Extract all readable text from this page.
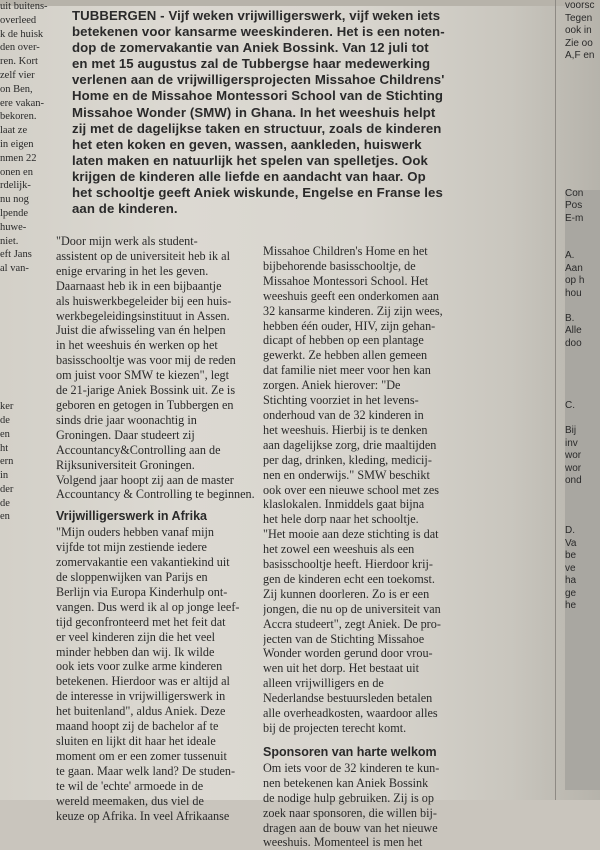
uit buitens-
overleed
k de huisk
den over-
ren. Kort
zelf vier
on Ben,
ere vakan-
bekoren.
laat ze
in eigen
nmen 22
onen en
rdelijk-
nu nog
lpende
huwe-
niet.
eft Jans
al van-

ker
de
en
ht
ern
in
der
de
en
voorsc
Tegen
ook in
Zie oo
A,F en

Con
Pos
E-m

A.
Aan
op h
hou

B.
Alle
doo

C.

Bij
inv
wor
wor
ond

D.
Va
be
ve
ha
ge
he
TUBBERGEN - Vijf weken vrijwilligerswerk, vijf weken iets
betekenen voor kansarme weeskinderen. Het is een noten-
dop de zomervakantie van Aniek Bossink. Van 12 juli tot
en met 15 augustus zal de Tubbergse haar medewerking
verlenen aan de vrijwilligersprojecten Missahoe Childrens'
Home en de Missahoe Montessori School van de Stichting
Missahoe Wonder (SMW) in Ghana. In het weeshuis helpt
zij met de dagelijkse taken en structuur, zoals de kinderen
het eten koken en geven, wassen, aankleden, huiswerk
laten maken en natuurlijk het spelen van spelletjes. Ook
krijgen de kinderen alle liefde en aandacht van haar. Op
het schooltje geeft Aniek wiskunde, Engelse en Franse les
aan de kinderen.
"Door mijn werk als student-
assistent op de universiteit heb ik al
enige ervaring in het les geven.
Daarnaast heb ik in een bijbaantje
als huiswerkbegeleider bij een huis-
werkbegeleidingsinstituut in Assen.
Juist die afwisseling van én helpen
in het weeshuis én werken op het
basisschooltje was voor mij de reden
om juist voor SMW te kiezen", legt
de 21-jarige Aniek Bossink uit. Ze is
geboren en getogen in Tubbergen en
sinds drie jaar woonachtig in
Groningen. Daar studeert zij
Accountancy&Controlling aan de
Rijksuniversiteit Groningen.
Volgend jaar hoopt zij aan de master
Accountancy & Controlling te beginnen.
Vrijwilligerswerk in Afrika
"Mijn ouders hebben vanaf mijn
vijfde tot mijn zestiende iedere
zomervakantie een vakantiekind uit
de sloppenwijken van Parijs en
Berlijn via Europa Kinderhulp ont-
vangen. Dus werd ik al op jonge leef-
tijd geconfronteerd met het feit dat
er veel kinderen zijn die het veel
minder hebben dan wij. Ik wilde
ook iets voor zulke arme kinderen
betekenen. Hierdoor was er altijd al
de interesse in vrijwilligerswerk in
het buitenland", aldus Aniek. Deze
maand hoopt zij de bachelor af te
sluiten en lijkt dit haar het ideale
moment om er een zomer tussenuit
te gaan. Maar welk land? De studen-
te wil de 'echte' armoede in de
wereld meemaken, dus viel de
keuze op Afrika. In veel Afrikaanse
Missahoe Children's Home en het
bijbehorende basisschooltje, de
Missahoe Montessori School. Het
weeshuis geeft een onderkomen aan
32 kansarme kinderen. Zij zijn wees,
hebben één ouder, HIV, zijn gehan-
dicapt of hebben op een plantage
gewerkt. Ze hebben allen gemeen
dat familie niet meer voor hen kan
zorgen. Aniek hierover: "De
Stichting voorziet in het levens-
onderhoud van de 32 kinderen in
het weeshuis. Hierbij is te denken
aan dagelijkse zorg, drie maaltijden
per dag, drinken, kleding, medicij-
nen en onderwijs." SMW beschikt
ook over een nieuwe school met zes
klaslokalen. Inmiddels gaat bijna
het hele dorp naar het schooltje.
"Het mooie aan deze stichting is dat
het zowel een weeshuis als een
basisschooltje heeft. Hierdoor krij-
gen de kinderen echt een toekomst.
Zij kunnen doorleren. Zo is er een
jongen, die nu op de universiteit van
Accra studeert", zegt Aniek. De pro-
jecten van de Stichting Missahoe
Wonder worden gerund door vrou-
wen uit het dorp. Het bestaat uit
alleen vrijwilligers en de
Nederlandse bestuursleden betalen
alle overheadkosten, waardoor alles
bij de projecten terecht komt.
Sponsoren van harte welkom
Om iets voor de 32 kinderen te kun-
nen betekenen kan Aniek Bossink
de nodige hulp gebruiken. Zij is op
zoek naar sponsoren, die willen bij-
dragen aan de bouw van het nieuwe
weeshuis. Momenteel is men het
